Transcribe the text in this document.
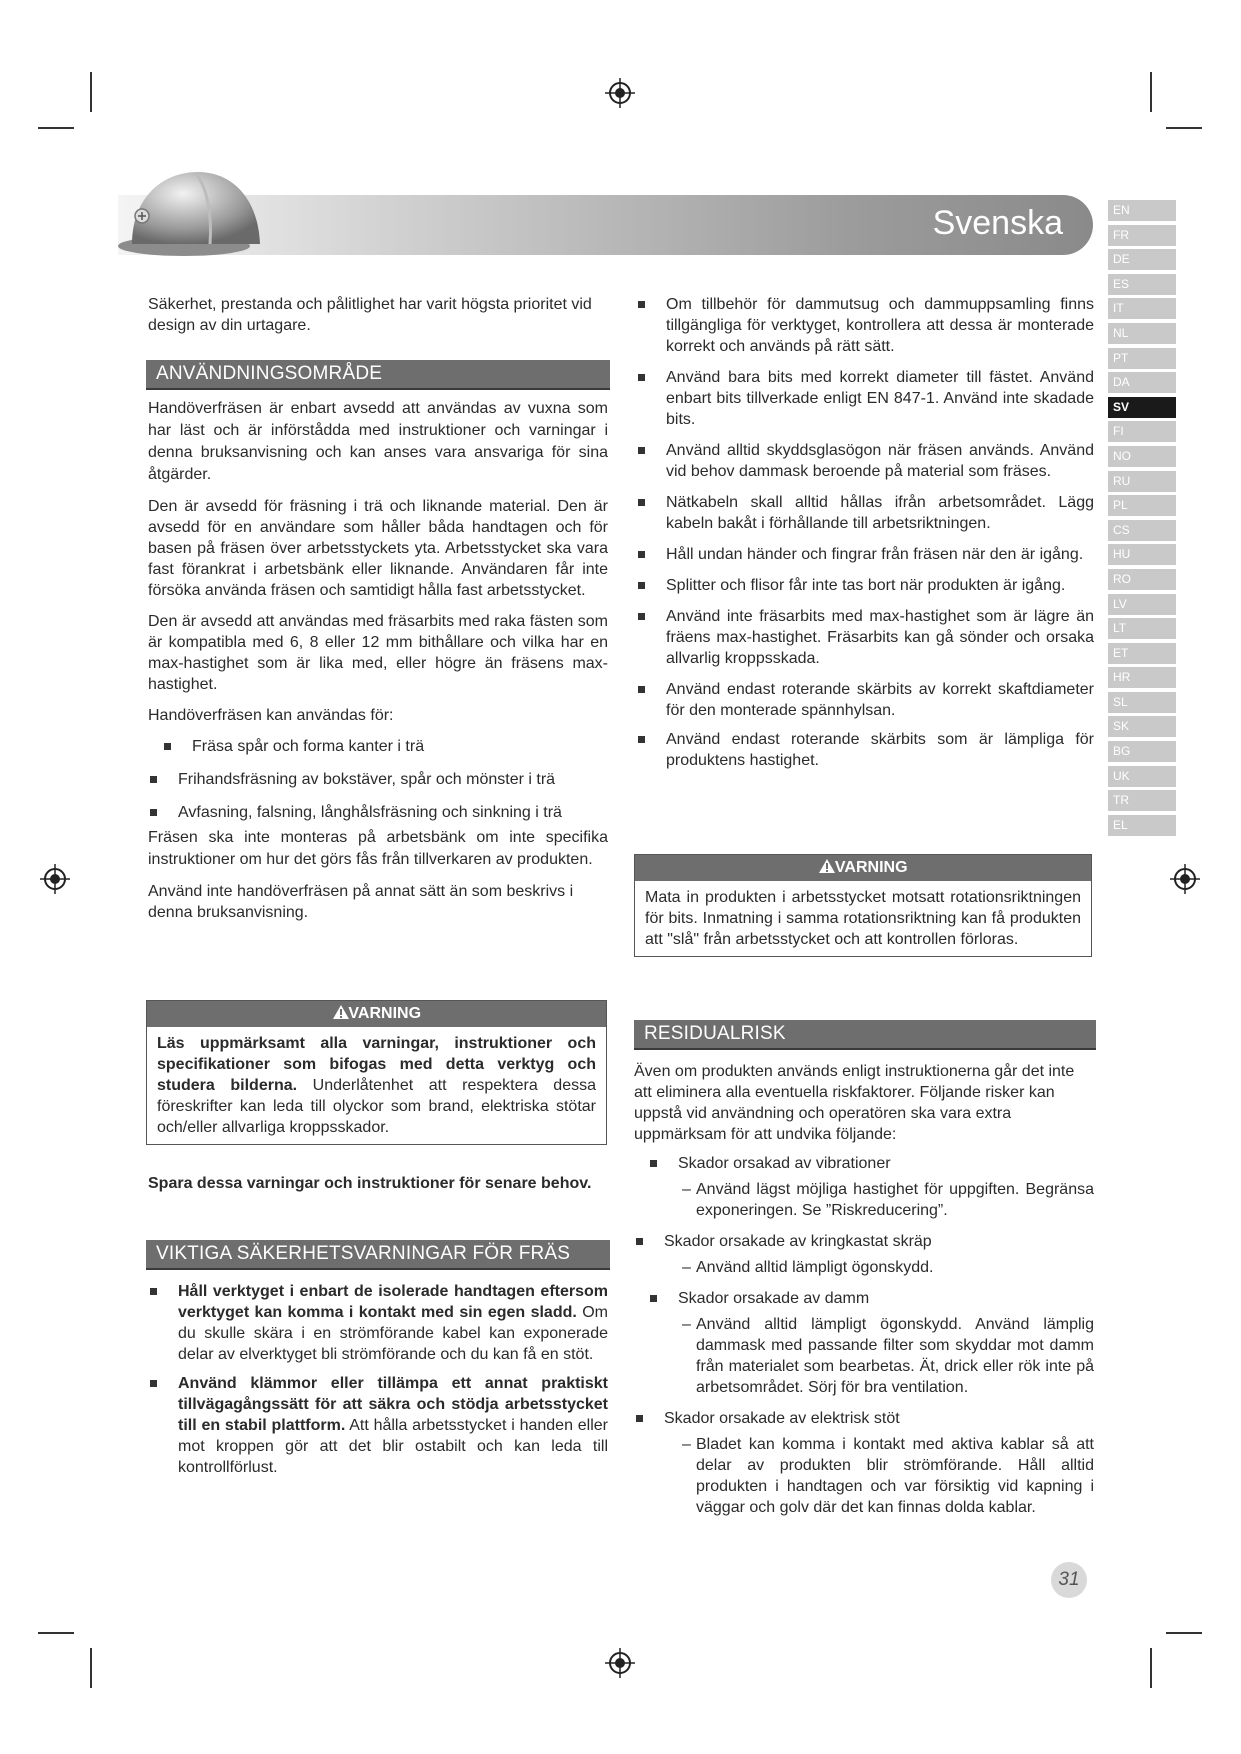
Svenska	EN
FR
DE
ES
IT
NL
PT
DA
SV
FI
NO
RU
PL
CS
HU
RO
LV
LT
ET
HR
SL
SK
BG
UK
TR
EL

Säkerhet, prestanda och pålitlighet har varit högsta prioritet vid design av din urtagare.

ANVÄNDNINGSOMRÅDE

Handöverfräsen är enbart avsedd att användas av vuxna som har läst och är införstådda med instruktioner och varningar i denna bruksanvisning och kan anses vara ansvariga för sina åtgärder.

Den är avsedd för fräsning i trä och liknande material. Den är avsedd för en användare som håller båda handtagen och för basen på fräsen över arbetsstyckets yta. Arbetsstycket ska vara fast förankrat i arbetsbänk eller liknande. Användaren får inte försöka använda fräsen och samtidigt hålla fast arbetsstycket.

Den är avsedd att användas med fräsarbits med raka fästen som är kompatibla med 6, 8 eller 12 mm bithållare och vilka har en max-hastighet som är lika med, eller högre än fräsens max-hastighet.

Handöverfräsen kan användas för:

Fräsa spår och forma kanter i trä
Frihandsfräsning av bokstäver, spår och mönster i trä
Avfasning, falsning, långhålsfräsning och sinkning i trä

Fräsen ska inte monteras på arbetsbänk om inte specifika instruktioner om hur det görs fås från tillverkaren av produkten.

Använd inte handöverfräsen på annat sätt än som beskrivs i denna bruksanvisning.

VARNING
Läs uppmärksamt alla varningar, instruktioner och specifikationer som bifogas med detta verktyg och studera bilderna. Underlåtenhet att respektera dessa föreskrifter kan leda till olyckor som brand, elektriska stötar och/eller allvarliga kroppsskador.

Spara dessa varningar och instruktioner för senare behov.

VIKTIGA SÄKERHETSVARNINGAR FÖR FRÄS
Håll verktyget i enbart de isolerade handtagen eftersom verktyget kan komma i kontakt med sin egen sladd. Om du skulle skära i en strömförande kabel kan exponerade delar av elverktyget bli strömförande och du kan få en stöt.
Använd klämmor eller tillämpa ett annat praktiskt tillvägagångssätt för att säkra och stödja arbetsstycket till en stabil plattform. Att hålla arbetsstycket i handen eller mot kroppen gör att det blir ostabilt och kan leda till kontrollförlust.
Om tillbehör för dammutsug och dammuppsamling finns tillgängliga för verktyget, kontrollera att dessa är monterade korrekt och används på rätt sätt.
Använd bara bits med korrekt diameter till fästet. Använd enbart bits tillverkade enligt EN 847-1. Använd inte skadade bits.
Använd alltid skyddsglasögon när fräsen används. Använd vid behov dammask beroende på material som fräses.
Nätkabeln skall alltid hållas ifrån arbetsområdet. Lägg kabeln bakåt i förhållande till arbetsriktningen.
Håll undan händer och fingrar från fräsen när den är igång.
Splitter och flisor får inte tas bort när produkten är igång.
Använd inte fräsarbits med max-hastighet som är lägre än fräens max-hastighet. Fräsarbits kan gå sönder och orsaka allvarlig kroppsskada.
Använd endast roterande skärbits av korrekt skaftdiameter för den monterade spännhylsan.
Använd endast roterande skärbits som är lämpliga för produktens hastighet.
VARNING
Mata in produkten i arbetsstycket motsatt rotationsriktningen för bits. Inmatning i samma rotationsriktning kan få produkten att "slå" från arbetsstycket och att kontrollen förloras.
RESIDUALRISK

Även om produkten används enligt instruktionerna går det inte att eliminera alla eventuella riskfaktorer. Följande risker kan uppstå vid användning och operatören ska vara extra uppmärksam för att undvika följande:

Skador orsakad av vibrationer
– Använd lägst möjliga hastighet för uppgiften. Begränsa exponeringen. Se ”Riskreducering”.
Skador orsakade av kringkastat skräp
– Använd alltid lämpligt ögonskydd.
Skador orsakade av damm
– Använd alltid lämpligt ögonskydd. Använd lämplig dammask med passande filter som skyddar mot damm från materialet som bearbetas. Ät, drick eller rök inte på arbetsområdet. Sörj för bra ventilation.
Skador orsakade av elektrisk stöt
– Bladet kan komma i kontakt med aktiva kablar så att delar av produkten blir strömförande. Håll alltid produkten i handtagen och var försiktig vid kapning i väggar och golv där det kan finnas dolda kablar.
31
